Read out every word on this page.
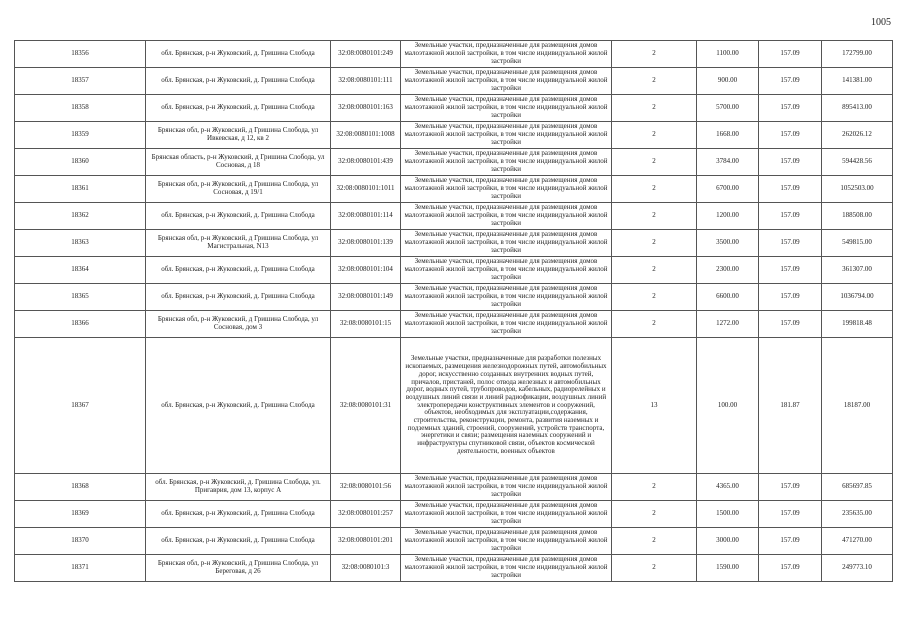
1005
18356	обл. Брянская, р-н Жуковский, д. Гришина Слобода	32:08:0080101:249	Земельные участки, предназначенные для размещения домов малоэтажной жилой застройки, в том числе индивидуальной жилой застройки	2	1100.00	157.09	172799.00
18357	обл. Брянская, р-н Жуковский, д. Гришина Слобода	32:08:0080101:111	Земельные участки, предназначенные для размещения домов малоэтажной жилой застройки, в том числе индивидуальной жилой застройки	2	900.00	157.09	141381.00
18358	обл. Брянская, р-н Жуковский, д. Гришина Слобода	32:08:0080101:163	Земельные участки, предназначенные для размещения домов малоэтажной жилой застройки, в том числе индивидуальной жилой застройки	2	5700.00	157.09	895413.00
18359	Брянская обл, р-н Жуковский, д Гришина Слобода, ул Ивкевская, д 12, кв 2	32:08:0080101:1008	Земельные участки, предназначенные для размещения домов малоэтажной жилой застройки, в том числе индивидуальной жилой застройки	2	1668.00	157.09	262026.12
18360	Брянская область, р-н Жуковский, д Гришина Слобода, ул Сосновая, д 18	32:08:0080101:439	Земельные участки, предназначенные для размещения домов малоэтажной жилой застройки, в том числе индивидуальной жилой застройки	2	3784.00	157.09	594428.56
18361	Брянская обл, р-н Жуковский, д Гришина Слобода, ул Сосновая, д 19/1	32:08:0080101:1011	Земельные участки, предназначенные для размещения домов малоэтажной жилой застройки, в том числе индивидуальной жилой застройки	2	6700.00	157.09	1052503.00
18362	обл. Брянская, р-н Жуковский, д. Гришина Слобода	32:08:0080101:114	Земельные участки, предназначенные для размещения домов малоэтажной жилой застройки, в том числе индивидуальной жилой застройки	2	1200.00	157.09	188508.00
18363	Брянская обл, р-н Жуковский, д Гришина Слобода, ул Магистральная, N13	32:08:0080101:139	Земельные участки, предназначенные для размещения домов малоэтажной жилой застройки, в том числе индивидуальной жилой застройки	2	3500.00	157.09	549815.00
18364	обл. Брянская, р-н Жуковский, д. Гришина Слобода	32:08:0080101:104	Земельные участки, предназначенные для размещения домов малоэтажной жилой застройки, в том числе индивидуальной жилой застройки	2	2300.00	157.09	361307.00
18365	обл. Брянская, р-н Жуковский, д. Гришина Слобода	32:08:0080101:149	Земельные участки, предназначенные для размещения домов малоэтажной жилой застройки, в том числе индивидуальной жилой застройки	2	6600.00	157.09	1036794.00
18366	Брянская обл, р-н Жуковский, д Гришина Слобода, ул Сосновая, дом 3	32:08:0080101:15	Земельные участки, предназначенные для размещения домов малоэтажной жилой застройки, в том числе индивидуальной жилой застройки	2	1272.00	157.09	199818.48
18367	обл. Брянская, р-н Жуковский, д. Гришина Слобода	32:08:0080101:31	Земельные участки, предназначенные для разработки полезных ископаемых, размещения железнодорожных путей, автомобильных дорог, искусственно созданных внутренних водных путей, причалов, пристаней, полос отвода железных и автомобильных дорог, водных путей, трубопроводов, кабельных, радиорелейных и воздушных линий связи и линий радиофикации, воздушных линий электропередачи конструктивных элементов и сооружений, объектов, необходимых для эксплуатации,содержания, строительства, реконструкции, ремонта, развития наземных и подземных зданий, строений, сооружений, устройств транспорта, энергетики и связи; размещения наземных сооружений и инфраструктуры спутниковой связи, объектов космической деятельности, военных объектов	13	100.00	181.87	18187.00
18368	обл. Брянская, р-н Жуковский, д. Гришина Слобода, ул. Пригаврия, дом 13, корпус А	32:08:0080101:56	Земельные участки, предназначенные для размещения домов малоэтажной жилой застройки, в том числе индивидуальной жилой застройки	2	4365.00	157.09	685697.85
18369	обл. Брянская, р-н Жуковский, д. Гришина Слобода	32:08:0080101:257	Земельные участки, предназначенные для размещения домов малоэтажной жилой застройки, в том числе индивидуальной жилой застройки	2	1500.00	157.09	235635.00
18370	обл. Брянская, р-н Жуковский, д. Гришина Слобода	32:08:0080101:201	Земельные участки, предназначенные для размещения домов малоэтажной жилой застройки, в том числе индивидуальной жилой застройки	2	3000.00	157.09	471270.00
18371	Брянская обл, р-н Жуковский, д Гришина Слобода, ул Береговая, д 26	32:08:0080101:3	Земельные участки, предназначенные для размещения домов малоэтажной жилой застройки, в том числе индивидуальной жилой застройки	2	1590.00	157.09	249773.10
